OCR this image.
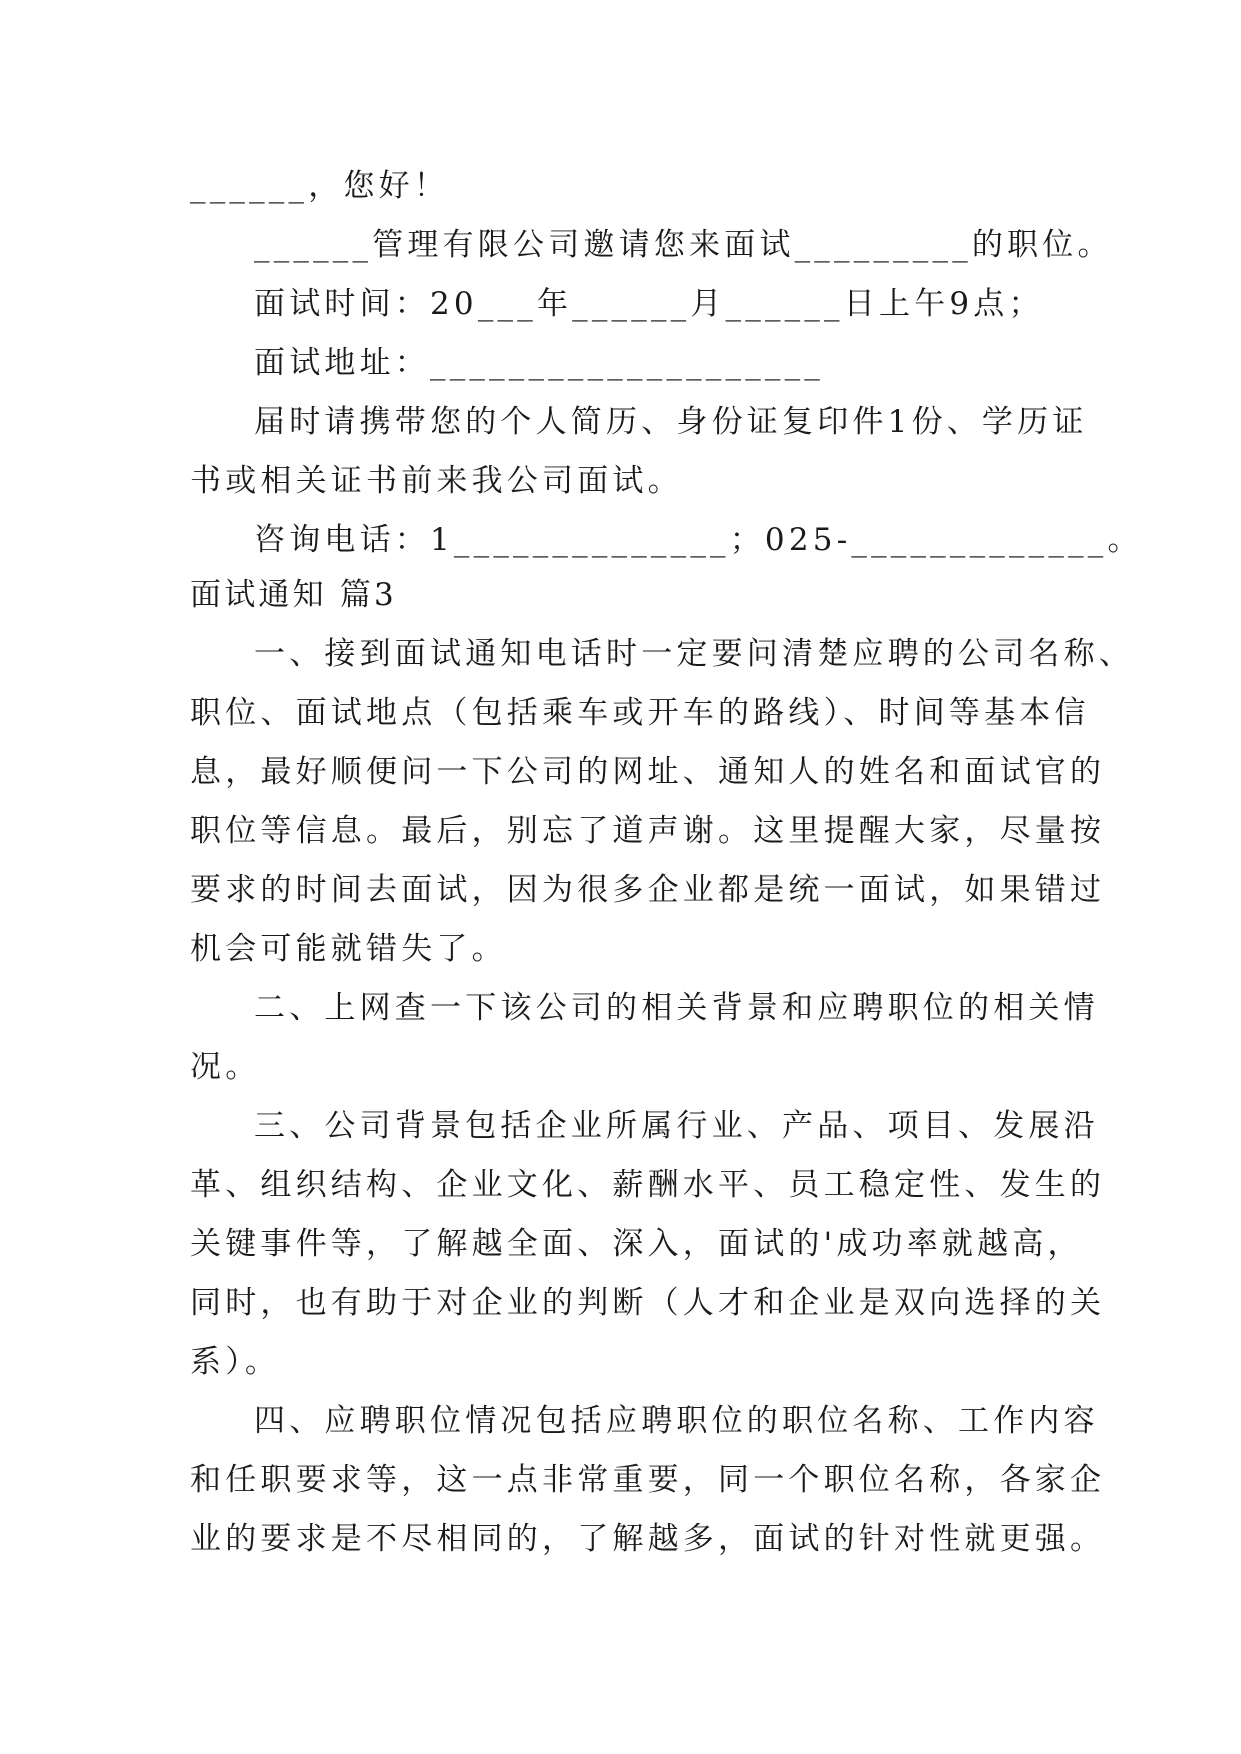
______，您好！
______管理有限公司邀请您来面试_________的职位。
面试时间：20___年______月______日上午9点；
面试地址：____________________
届时请携带您的个人简历、身份证复印件1份、学历证
书或相关证书前来我公司面试。
咨询电话：1______________；025-_____________。
面试通知 篇3
一、接到面试通知电话时一定要问清楚应聘的公司名称、
职位、面试地点（包括乘车或开车的路线）、时间等基本信
息，最好顺便问一下公司的网址、通知人的姓名和面试官的
职位等信息。最后，别忘了道声谢。这里提醒大家，尽量按
要求的时间去面试，因为很多企业都是统一面试，如果错过
机会可能就错失了。
二、上网查一下该公司的相关背景和应聘职位的相关情
况。
三、公司背景包括企业所属行业、产品、项目、发展沿
革、组织结构、企业文化、薪酬水平、员工稳定性、发生的
关键事件等，了解越全面、深入，面试的'成功率就越高，
同时，也有助于对企业的判断（人才和企业是双向选择的关
系）。
四、应聘职位情况包括应聘职位的职位名称、工作内容
和任职要求等，这一点非常重要，同一个职位名称，各家企
业的要求是不尽相同的，了解越多，面试的针对性就更强。
